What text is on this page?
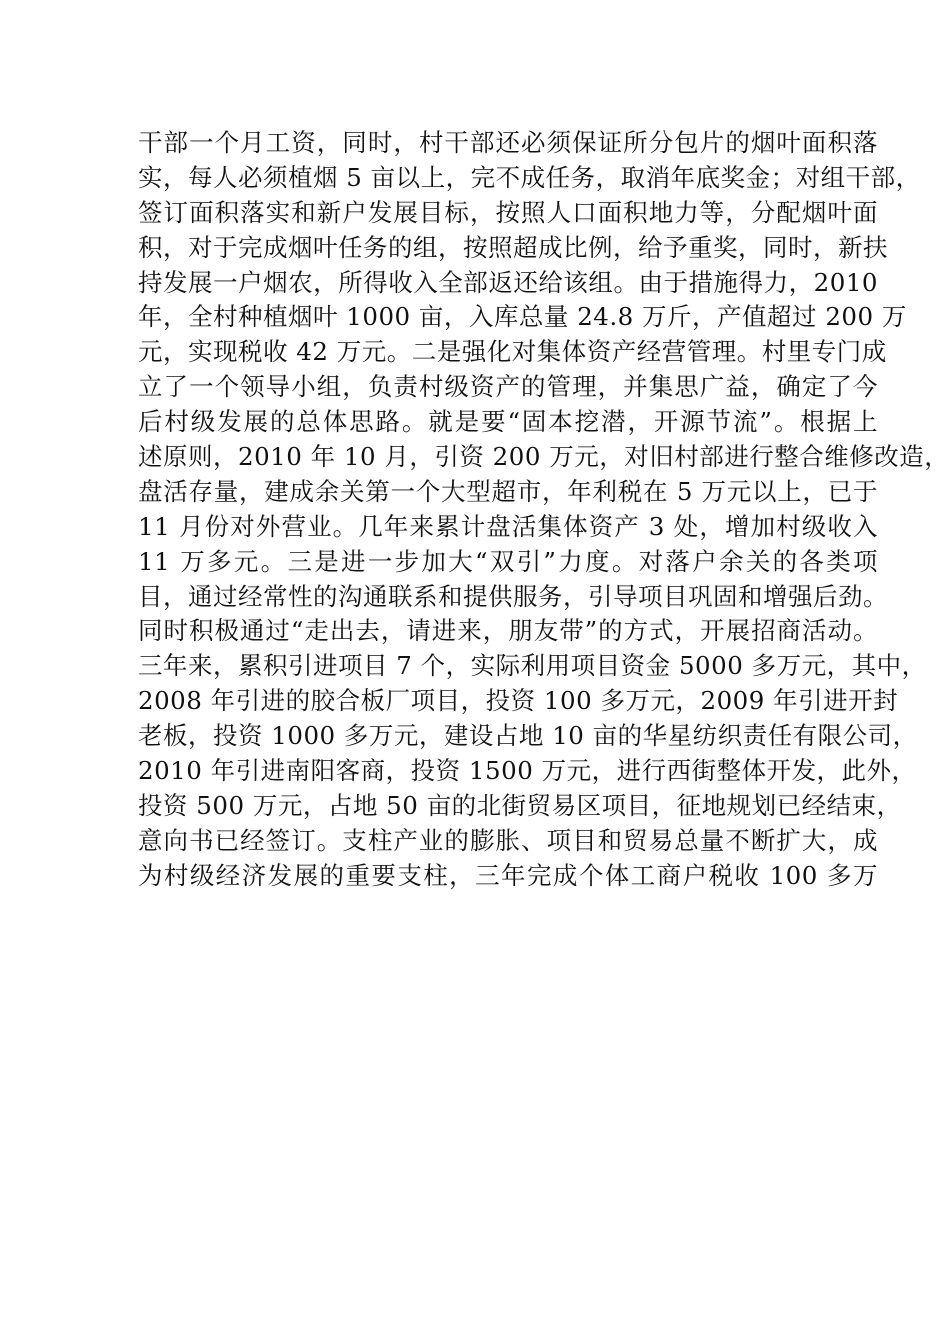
干部一个月工资，同时，村干部还必须保证所分包片的烟叶面积落
实，每人必须植烟 5 亩以上，完不成任务，取消年底奖金；对组干部，
签订面积落实和新户发展目标，按照人口面积地力等，分配烟叶面
积，对于完成烟叶任务的组，按照超成比例，给予重奖，同时，新扶
持发展一户烟农，所得收入全部返还给该组。由于措施得力，2010
年，全村种植烟叶 1000 亩，入库总量 24.8 万斤，产值超过 200 万
元，实现税收 42 万元。二是强化对集体资产经营管理。村里专门成
立了一个领导小组，负责村级资产的管理，并集思广益，确定了今
后村级发展的总体思路。就是要“固本挖潜，开源节流”。根据上
述原则，2010 年 10 月，引资 200 万元，对旧村部进行整合维修改造，
盘活存量，建成余关第一个大型超市，年利税在 5 万元以上，已于
11 月份对外营业。几年来累计盘活集体资产 3 处，增加村级收入
11 万多元。三是进一步加大“双引”力度。对落户余关的各类项
目，通过经常性的沟通联系和提供服务，引导项目巩固和增强后劲。
同时积极通过“走出去，请进来，朋友带”的方式，开展招商活动。
三年来，累积引进项目 7 个，实际利用项目资金 5000 多万元，其中，
2008 年引进的胶合板厂项目，投资 100 多万元，2009 年引进开封
老板，投资 1000 多万元，建设占地 10 亩的华星纺织责任有限公司，
2010 年引进南阳客商，投资 1500 万元，进行西街整体开发，此外，
投资 500 万元，占地 50 亩的北街贸易区项目，征地规划已经结束，
意向书已经签订。支柱产业的膨胀、项目和贸易总量不断扩大，成
为村级经济发展的重要支柱，三年完成个体工商户税收 100 多万
